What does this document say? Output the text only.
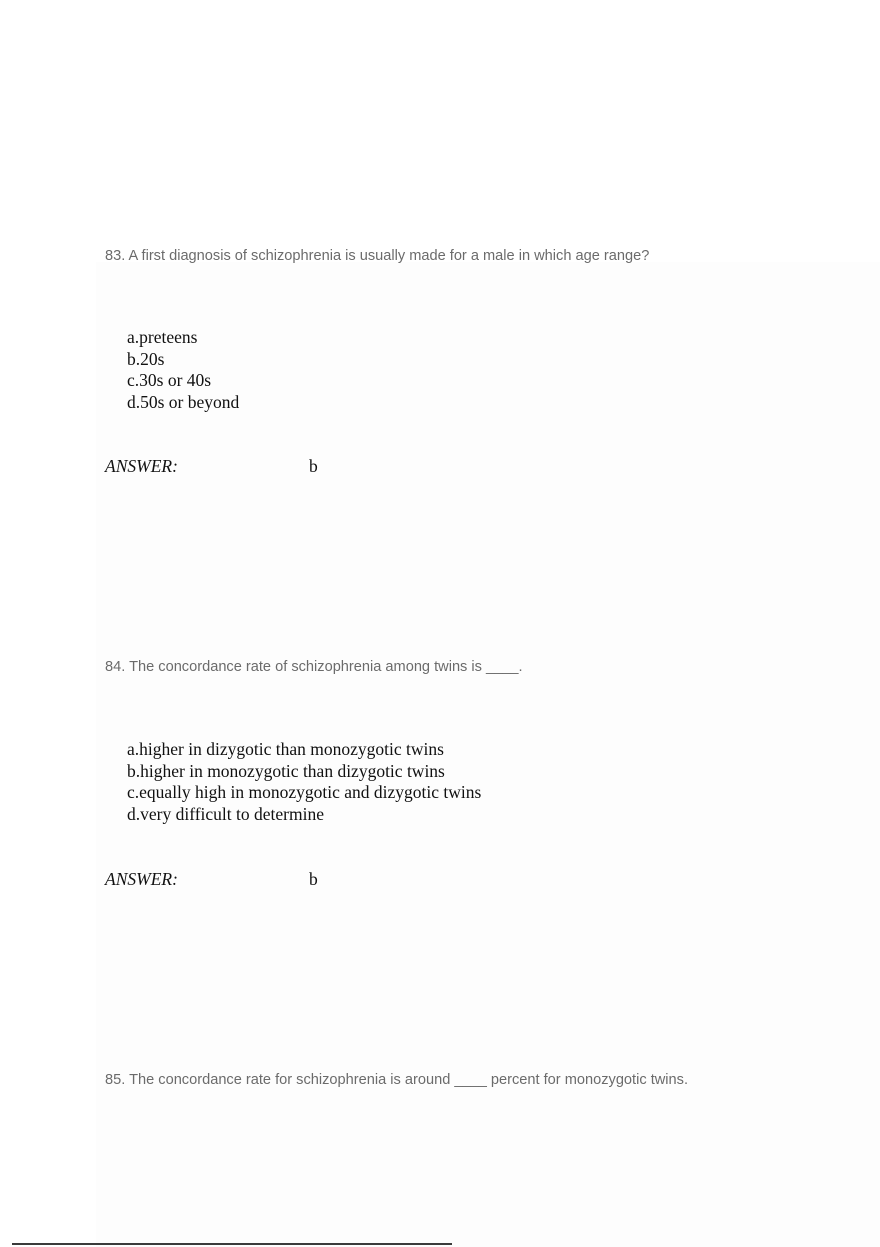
83. A first diagnosis of schizophrenia is usually made for a male in which age range?
a.preteens
b.20s
c.30s or 40s
d.50s or beyond
ANSWER:	b
84. The concordance rate of schizophrenia among twins is ____.
a.higher in dizygotic than monozygotic twins
b.higher in monozygotic than dizygotic twins
c.equally high in monozygotic and dizygotic twins
d.very difficult to determine
ANSWER:	b
85. The concordance rate for schizophrenia is around ____ percent for monozygotic twins.
